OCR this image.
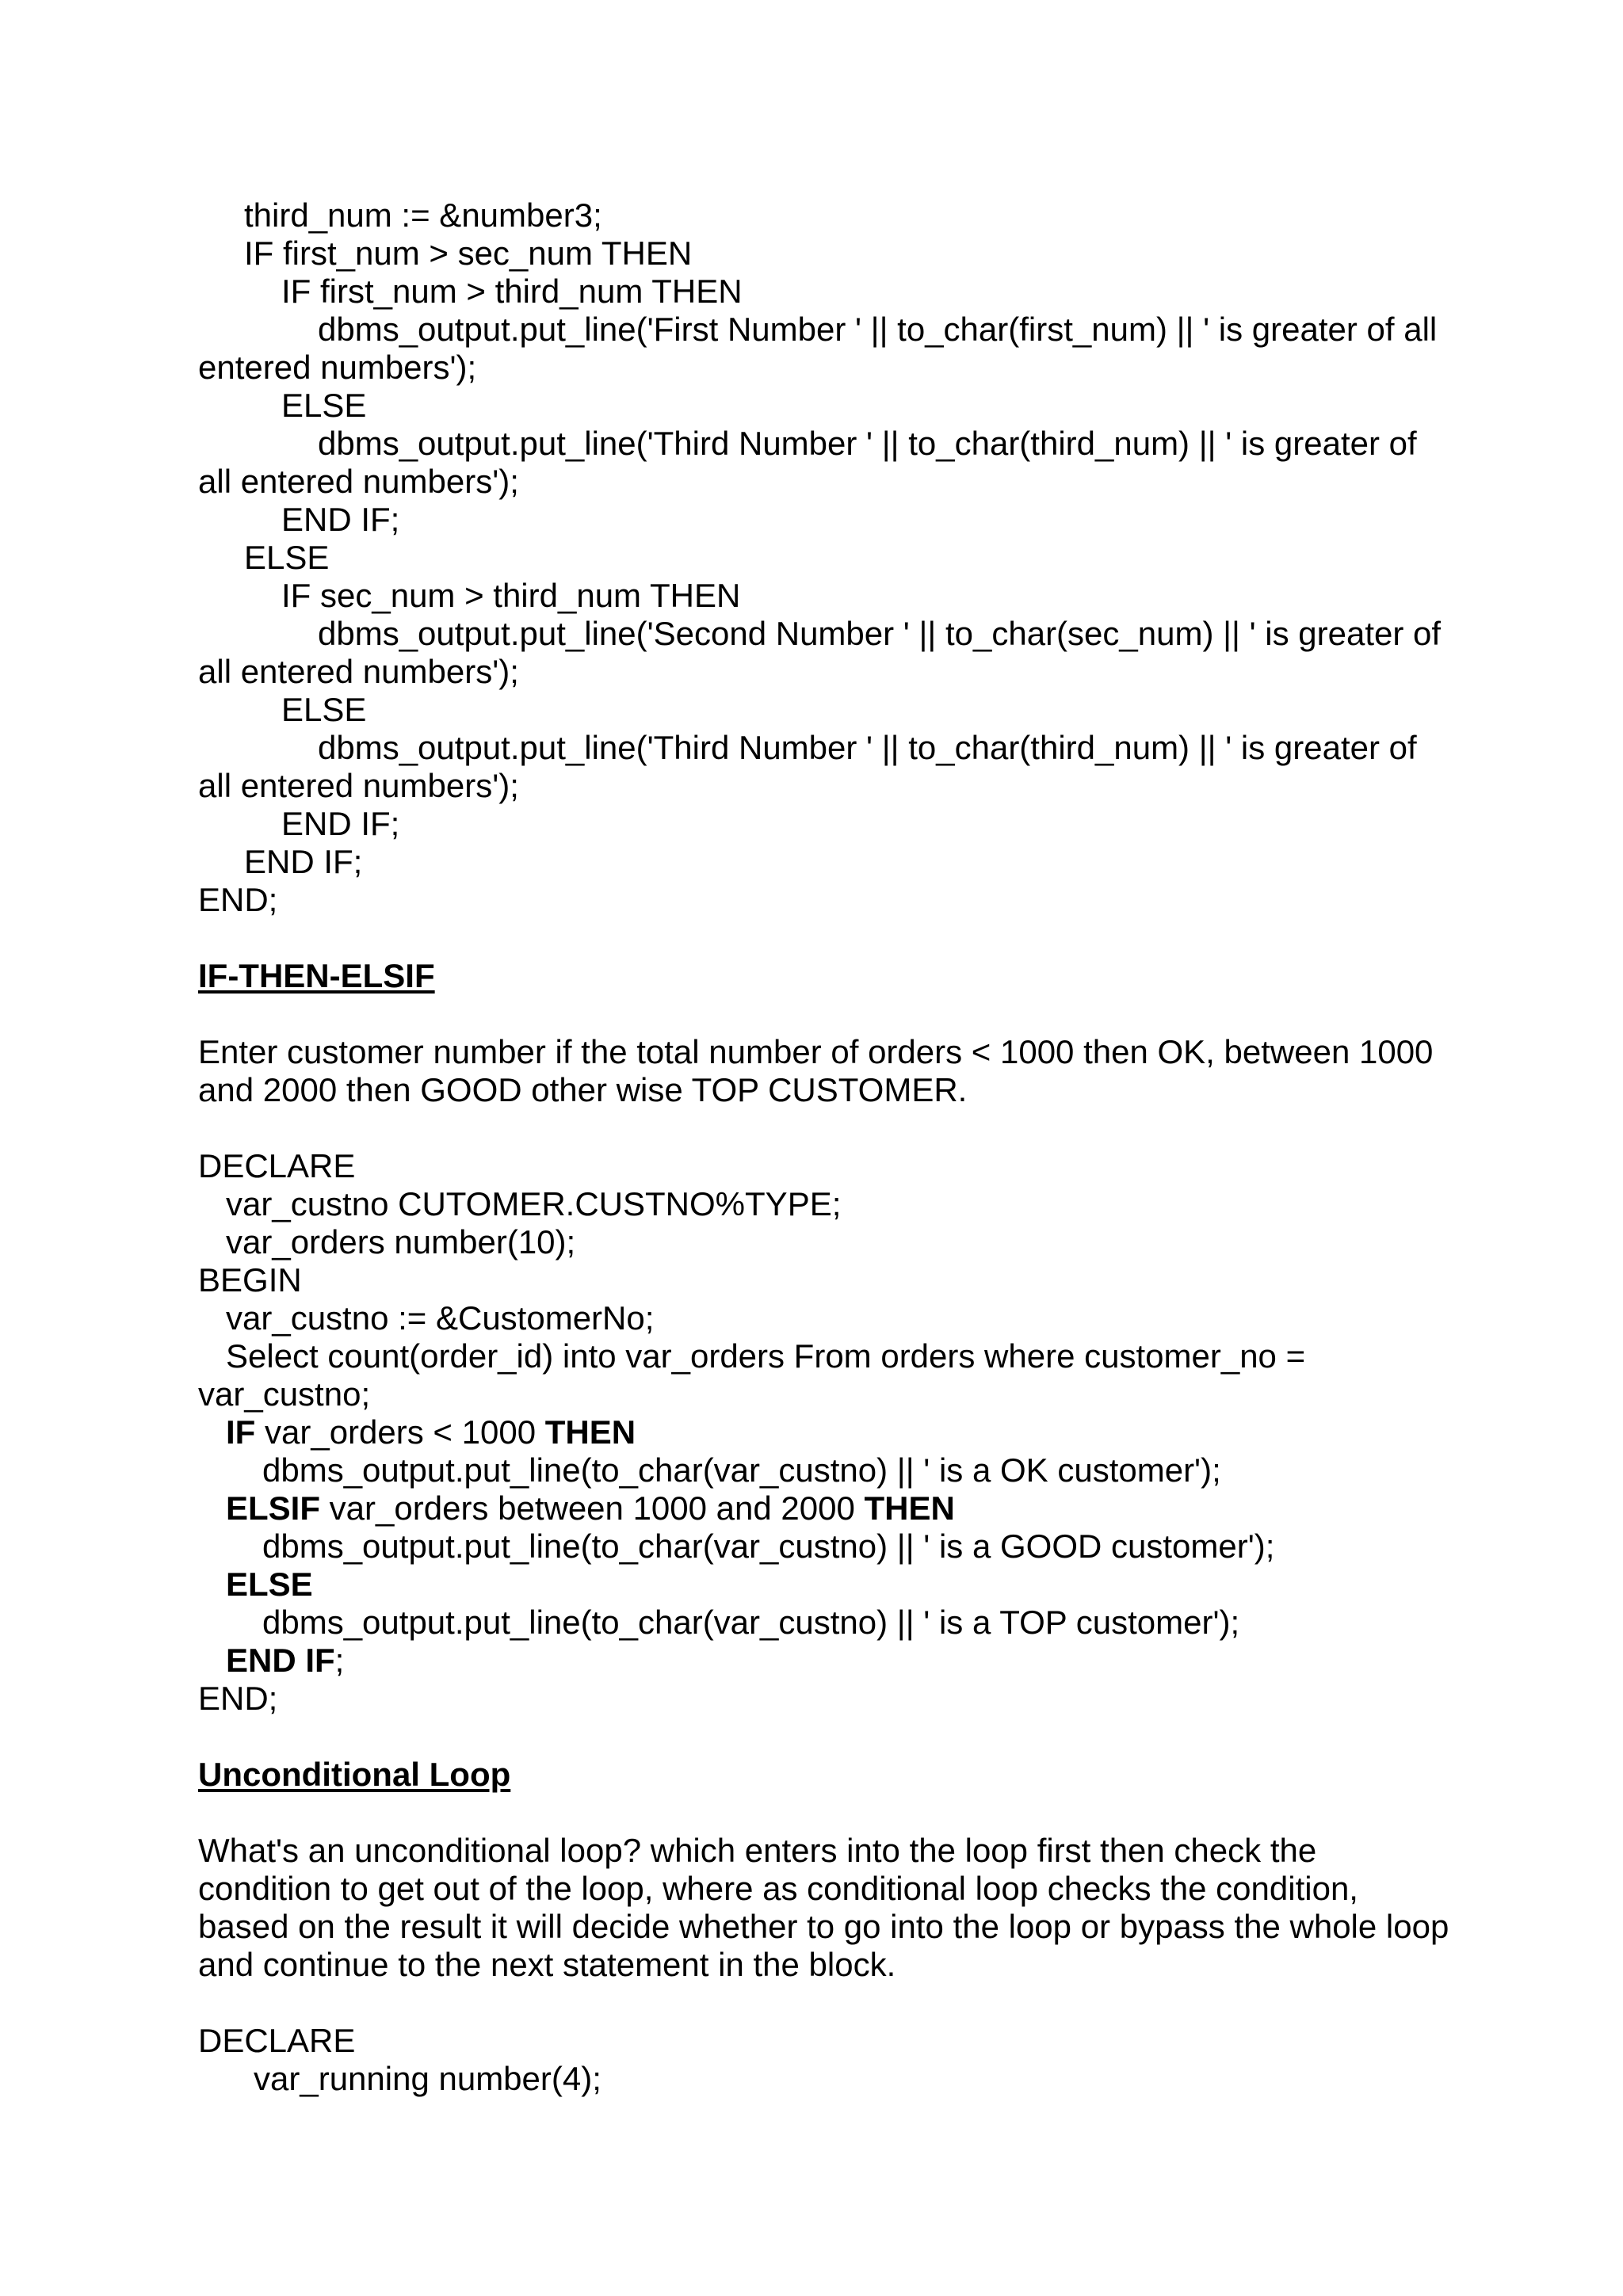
third_num := &number3;
IF first_num > sec_num THEN
IF first_num > third_num THEN
dbms_output.put_line('First Number ' || to_char(first_num) || ' is greater of all
entered numbers');
ELSE
dbms_output.put_line('Third Number ' || to_char(third_num) || ' is greater of
all entered numbers');
END IF;
ELSE
IF sec_num > third_num THEN
dbms_output.put_line('Second Number ' || to_char(sec_num) || ' is greater of
all entered numbers');
ELSE
dbms_output.put_line('Third Number ' || to_char(third_num) || ' is greater of
all entered numbers');
END IF;
END IF;
END;
IF-THEN-ELSIF
Enter customer number if the total number of orders < 1000 then OK, between 1000
and 2000 then GOOD other wise TOP CUSTOMER.
DECLARE
var_custno CUTOMER.CUSTNO%TYPE;
var_orders number(10);
BEGIN
var_custno := &CustomerNo;
Select count(order_id) into var_orders From orders where customer_no =
var_custno;
IF var_orders < 1000 THEN
dbms_output.put_line(to_char(var_custno) || ' is a OK customer');
ELSIF var_orders between 1000 and 2000 THEN
dbms_output.put_line(to_char(var_custno) || ' is a GOOD customer');
ELSE
dbms_output.put_line(to_char(var_custno) || ' is a TOP customer');
END IF;
END;
Unconditional Loop
What's an unconditional loop? which enters into the loop first then check the
condition to get out of the loop, where as conditional loop checks the condition,
based on the result it will decide whether to go into the loop or bypass the whole loop
and continue to the next statement in the block.
DECLARE
var_running number(4);
